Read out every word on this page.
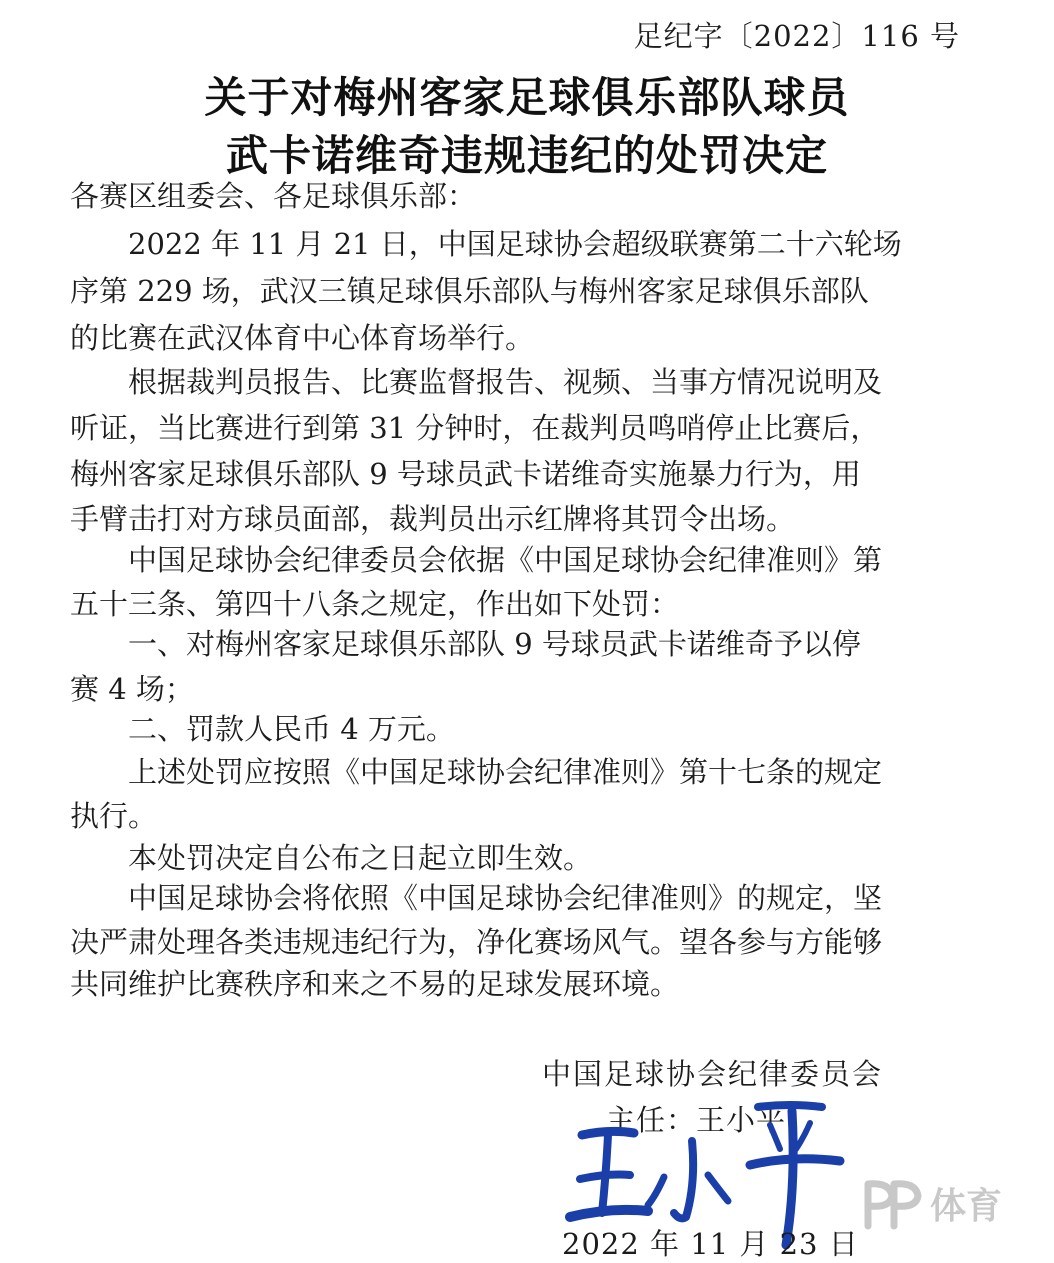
足纪字〔2022〕116 号
关于对梅州客家足球俱乐部队球员
武卡诺维奇违规违纪的处罚决定
各赛区组委会、各足球俱乐部：
　　2022 年 11 月 21 日，中国足球协会超级联赛第二十六轮场
序第 229 场，武汉三镇足球俱乐部队与梅州客家足球俱乐部队
的比赛在武汉体育中心体育场举行。
　　根据裁判员报告、比赛监督报告、视频、当事方情况说明及
听证，当比赛进行到第 31 分钟时，在裁判员鸣哨停止比赛后，
梅州客家足球俱乐部队 9 号球员武卡诺维奇实施暴力行为，用
手臂击打对方球员面部，裁判员出示红牌将其罚令出场。
　　中国足球协会纪律委员会依据《中国足球协会纪律准则》第
五十三条、第四十八条之规定，作出如下处罚：
　　一、对梅州客家足球俱乐部队 9 号球员武卡诺维奇予以停
赛 4 场；
　　二、罚款人民币 4 万元。
　　上述处罚应按照《中国足球协会纪律准则》第十七条的规定
执行。
　　本处罚决定自公布之日起立即生效。
　　中国足球协会将依照《中国足球协会纪律准则》的规定，坚
决严肃处理各类违规违纪行为，净化赛场风气。望各参与方能够
共同维护比赛秩序和来之不易的足球发展环境。
中国足球协会纪律委员会
主任：王小平
2022 年 11 月 23 日
体育
